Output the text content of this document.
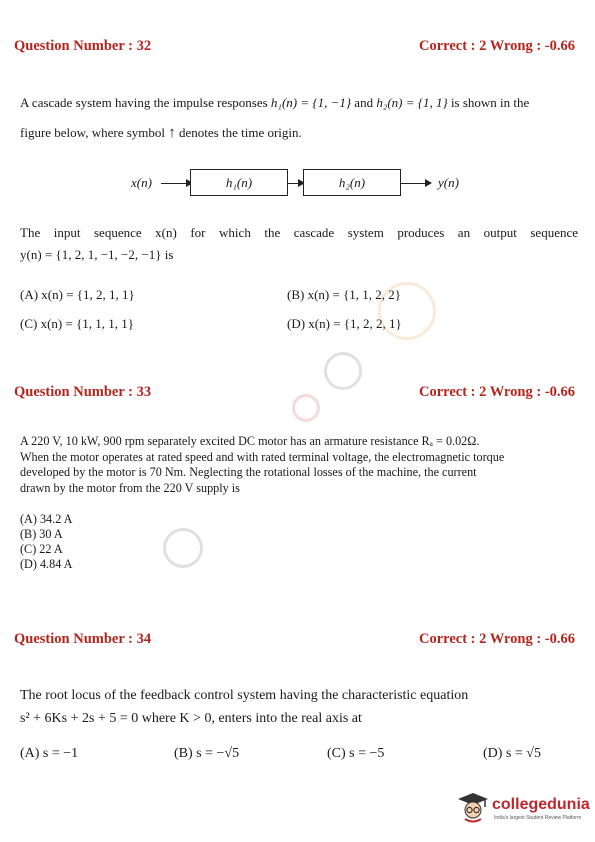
Question Number : 32	Correct : 2 Wrong : -0.66
A cascade system having the impulse responses h₁(n) = {1, −1} and h₂(n) = {1, 1} is shown in the
figure below, where symbol ↑ denotes the time origin.
x(n)	h₁(n)	h₂(n)	y(n)
The input sequence x(n) for which the cascade system produces an output sequence
y(n) = {1, 2, 1, −1, −2, −1} is
(A) x(n) = {1, 2, 1, 1}	(B) x(n) = {1, 1, 2, 2}
(C) x(n) = {1, 1, 1, 1}	(D) x(n) = {1, 2, 2, 1}
Question Number : 33	Correct : 2 Wrong : -0.66
A 220 V, 10 kW, 900 rpm separately excited DC motor has an armature resistance Rₐ = 0.02Ω.
When the motor operates at rated speed and with rated terminal voltage, the electromagnetic torque
developed by the motor is 70 Nm. Neglecting the rotational losses of the machine, the current
drawn by the motor from the 220 V supply is
(A) 34.2 A
(B) 30 A
(C) 22 A
(D) 4.84 A
Question Number : 34	Correct : 2 Wrong : -0.66
The root locus of the feedback control system having the characteristic equation
s² + 6Ks + 2s + 5 = 0 where K > 0, enters into the real axis at
(A) s = −1	(B) s = −√5	(C) s = −5	(D) s = √5
collegedunia
India's largest Student Review Platform
